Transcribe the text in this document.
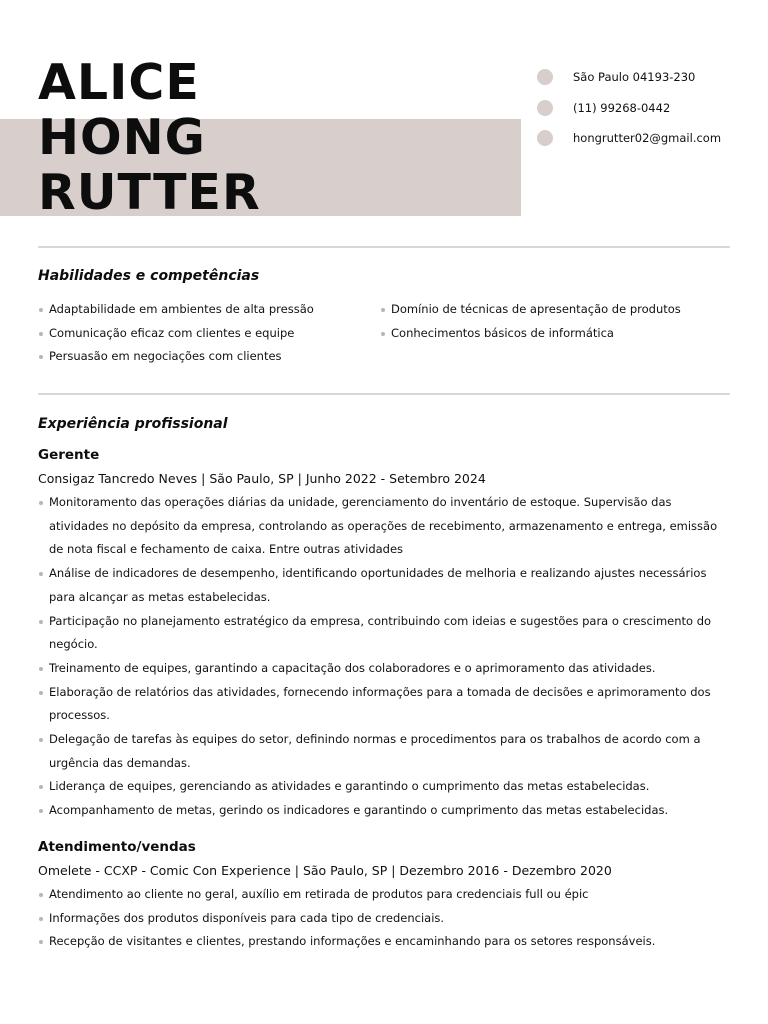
ALICE
HONG
RUTTER
São Paulo 04193-230
(11) 99268-0442
hongrutter02@gmail.com
Habilidades e competências
Adaptabilidade em ambientes de alta pressão	Domínio de técnicas de apresentação de produtos
Comunicação eficaz com clientes e equipe	Conhecimentos básicos de informática
Persuasão em negociações com clientes
Experiência profissional
Gerente

Consigaz Tancredo Neves | São Paulo, SP | Junho 2022 - Setembro 2024

Monitoramento das operações diárias da unidade, gerenciamento do inventário de estoque. Supervisão das atividades no depósito da empresa, controlando as operações de recebimento, armazenamento e entrega, emissão de nota fiscal e fechamento de caixa. Entre outras atividades
Análise de indicadores de desempenho, identificando oportunidades de melhoria e realizando ajustes necessários para alcançar as metas estabelecidas.
Participação no planejamento estratégico da empresa, contribuindo com ideias e sugestões para o crescimento do negócio.
Treinamento de equipes, garantindo a capacitação dos colaboradores e o aprimoramento das atividades.
Elaboração de relatórios das atividades, fornecendo informações para a tomada de decisões e aprimoramento dos processos.
Delegação de tarefas às equipes do setor, definindo normas e procedimentos para os trabalhos de acordo com a urgência das demandas.
Liderança de equipes, gerenciando as atividades e garantindo o cumprimento das metas estabelecidas.
Acompanhamento de metas, gerindo os indicadores e garantindo o cumprimento das metas estabelecidas.
Atendimento/vendas

Omelete - CCXP - Comic Con Experience | São Paulo, SP | Dezembro 2016 - Dezembro 2020

Atendimento ao cliente no geral, auxílio em retirada de produtos para credenciais full ou épic
Informações dos produtos disponíveis para cada tipo de credenciais.
Recepção de visitantes e clientes, prestando informações e encaminhando para os setores responsáveis.
